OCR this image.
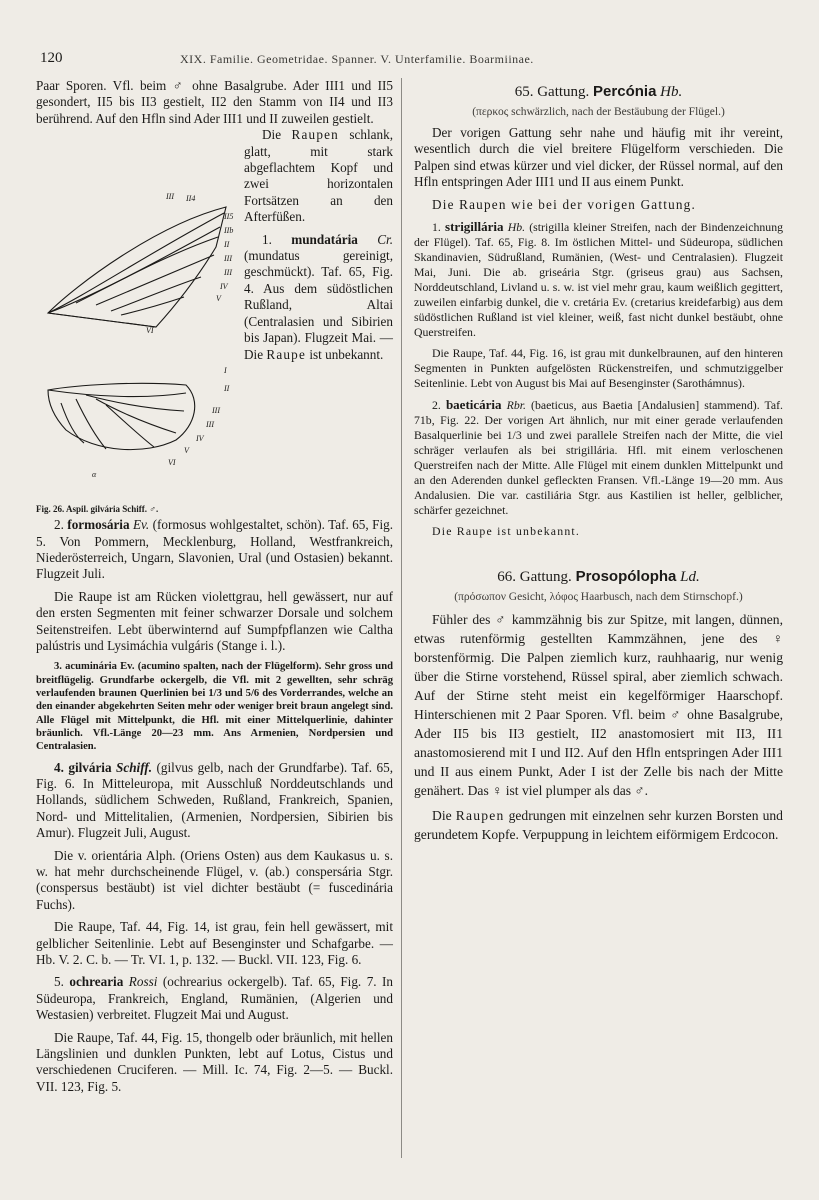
120	XIX. Familie. Geometridae. Spanner. V. Unterfamilie. Boarmiinae.

Paar Sporen. Vfl. beim ♂ ohne Basalgrube. Ader III1 und II5 gesondert, II5 bis II3 gestielt, II2 den Stamm von II4 und II3 berührend. Auf den Hfln sind Ader III1 und II zuweilen gestielt.

III II4
II5
IIb
II
III
III
IV
V
VI
I
II
III
III
IV
V
VI
α
Fig. 26. Aspil. gilvária Schiff. ♂.

Die Raupen schlank, glatt, mit stark abgeflachtem Kopf und zwei horizontalen Fortsätzen an den Afterfüßen.

1. mundatária Cr. (mundatus gereinigt, geschmückt). Taf. 65, Fig. 4. Aus dem südöstlichen Rußland, Altai (Centralasien und Sibirien bis Japan). Flugzeit Mai. — Die Raupe ist unbekannt.

2. formosária Ev. (formosus wohlgestaltet, schön). Taf. 65, Fig. 5. Von Pommern, Mecklenburg, Holland, Westfrankreich, Niederösterreich, Ungarn, Slavonien, Ural (und Ostasien) bekannt. Flugzeit Juli.

Die Raupe ist am Rücken violettgrau, hell gewässert, nur auf den ersten Segmenten mit feiner schwarzer Dorsale und solchem Seitenstreifen. Lebt überwinternd auf Sumpfpflanzen wie Caltha palústris und Lysimáchia vulgáris (Stange i. l.).

3. acuminária Ev. (acumino spalten, nach der Flügelform). Sehr gross und breitflügelig. Grundfarbe ockergelb, die Vfl. mit 2 gewellten, sehr schräg verlaufenden braunen Querlinien bei 1/3 und 5/6 des Vorderrandes, welche an den einander abgekehrten Seiten mehr oder weniger breit braun angelegt sind. Alle Flügel mit Mittelpunkt, die Hfl. mit einer Mittelquerlinie, dahinter bräunlich. Vfl.-Länge 20—23 mm. Ans Armenien, Nordpersien und Centralasien.

4. gilvária Schiff. (gilvus gelb, nach der Grundfarbe). Taf. 65, Fig. 6. In Mitteleuropa, mit Ausschluß Norddeutschlands und Hollands, südlichem Schweden, Rußland, Frankreich, Spanien, Nord- und Mittelitalien, (Armenien, Nordpersien, Sibirien bis Amur). Flugzeit Juli, August.

Die v. orientária Alph. (Oriens Osten) aus dem Kaukasus u. s. w. hat mehr durchscheinende Flügel, v. (ab.) conspersária Stgr. (conspersus bestäubt) ist viel dichter bestäubt (= fuscedinária Fuchs).

Die Raupe, Taf. 44, Fig. 14, ist grau, fein hell gewässert, mit gelblicher Seitenlinie. Lebt auf Besenginster und Schafgarbe. — Hb. V. 2. C. b. — Tr. VI. 1, p. 132. — Buckl. VII. 123, Fig. 6.

5. ochrearia Rossi (ochrearius ockergelb). Taf. 65, Fig. 7. In Südeuropa, Frankreich, England, Rumänien, (Algerien und Westasien) verbreitet. Flugzeit Mai und August.

Die Raupe, Taf. 44, Fig. 15, thongelb oder bräunlich, mit hellen Längslinien und dunklen Punkten, lebt auf Lotus, Cistus und verschiedenen Cruciferen. — Mill. Ic. 74, Fig. 2—5. — Buckl. VII. 123, Fig. 5.

65. Gattung. Percónia Hb.
(περκος schwärzlich, nach der Bestäubung der Flügel.)

Der vorigen Gattung sehr nahe und häufig mit ihr vereint, wesentlich durch die viel breitere Flügelform verschieden. Die Palpen sind etwas kürzer und viel dicker, der Rüssel normal, auf den Hfln entspringen Ader III1 und II aus einem Punkt.

Die Raupen wie bei der vorigen Gattung.

1. strigillária Hb. (strigilla kleiner Streifen, nach der Bindenzeichnung der Flügel). Taf. 65, Fig. 8. Im östlichen Mittel- und Südeuropa, südlichen Skandinavien, Südrußland, Rumänien, (West- und Centralasien). Flugzeit Mai, Juni. Die ab. griseária Stgr. (griseus grau) aus Sachsen, Norddeutschland, Livland u. s. w. ist viel mehr grau, kaum weißlich gegittert, zuweilen einfarbig dunkel, die v. cretária Ev. (cretarius kreidefarbig) aus dem südöstlichen Rußland ist viel kleiner, weiß, fast nicht dunkel bestäubt, ohne Querstreifen.

Die Raupe, Taf. 44, Fig. 16, ist grau mit dunkelbraunen, auf den hinteren Segmenten in Punkten aufgelösten Rückenstreifen, und schmutziggelber Seitenlinie. Lebt von August bis Mai auf Besenginster (Sarothámnus).

2. baeticária Rbr. (baeticus, aus Baetia [Andalusien] stammend). Taf. 71b, Fig. 22. Der vorigen Art ähnlich, nur mit einer gerade verlaufenden Basalquerlinie bei 1/3 und zwei parallele Streifen nach der Mitte, die viel schräger verlaufen als bei strigillária. Hfl. mit einem verloschenen Querstreifen nach der Mitte. Alle Flügel mit einem dunklen Mittelpunkt und an den Aderenden dunkel gefleckten Fransen. Vfl.-Länge 19—20 mm. Aus Andalusien. Die var. castiliária Stgr. aus Kastilien ist heller, gelblicher, schärfer gezeichnet.

Die Raupe ist unbekannt.

66. Gattung. Prosopólopha Ld.
(πρόσωπον Gesicht, λόφος Haarbusch, nach dem Stirnschopf.)

Fühler des ♂ kammzähnig bis zur Spitze, mit langen, dünnen, etwas rutenförmig gestellten Kammzähnen, jene des ♀ borstenförmig. Die Palpen ziemlich kurz, rauhhaarig, nur wenig über die Stirne vorstehend, Rüssel spiral, aber ziemlich schwach. Auf der Stirne steht meist ein kegelförmiger Haarschopf. Hinterschienen mit 2 Paar Sporen. Vfl. beim ♂ ohne Basalgrube, Ader II5 bis II3 gestielt, II2 anastomosiert mit II3, II1 anastomosierend mit I und II2. Auf den Hfln entspringen Ader III1 und II aus einem Punkt, Ader I ist der Zelle bis nach der Mitte genähert. Das ♀ ist viel plumper als das ♂.

Die Raupen gedrungen mit einzelnen sehr kurzen Borsten und gerundetem Kopfe. Verpuppung in leichtem eiförmigem Erdcocon.
